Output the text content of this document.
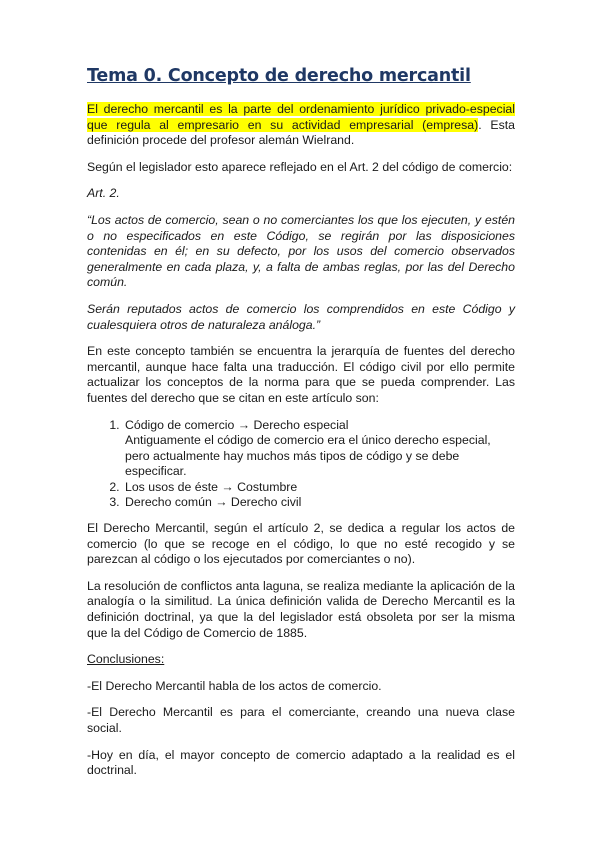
Tema 0. Concepto de derecho mercantil

El derecho mercantil es la parte del ordenamiento jurídico privado-especial que regula al empresario en su actividad empresarial (empresa). Esta definición procede del profesor alemán Wielrand.

Según el legislador esto aparece reflejado en el Art. 2 del código de comercio:

Art. 2.

“Los actos de comercio, sean o no comerciantes los que los ejecuten, y estén o no especificados en este Código, se regirán por las disposiciones contenidas en él; en su defecto, por los usos del comercio observados generalmente en cada plaza, y, a falta de ambas reglas, por las del Derecho común.

Serán reputados actos de comercio los comprendidos en este Código y cualesquiera otros de naturaleza análoga.”

En este concepto también se encuentra la jerarquía de fuentes del derecho mercantil, aunque hace falta una traducción. El código civil por ello permite actualizar los conceptos de la norma para que se pueda comprender. Las fuentes del derecho que se citan en este artículo son:

1. Código de comercio → Derecho especial
Antiguamente el código de comercio era el único derecho especial, pero actualmente hay muchos más tipos de código y se debe especificar.
2. Los usos de éste → Costumbre
3. Derecho común → Derecho civil

El Derecho Mercantil, según el artículo 2, se dedica a regular los actos de comercio (lo que se recoge en el código, lo que no esté recogido y se parezcan al código o los ejecutados por comerciantes o no).

La resolución de conflictos anta laguna, se realiza mediante la aplicación de la analogía o la similitud. La única definición valida de Derecho Mercantil es la definición doctrinal, ya que la del legislador está obsoleta por ser la misma que la del Código de Comercio de 1885.

Conclusiones:

-El Derecho Mercantil habla de los actos de comercio.

-El Derecho Mercantil es para el comerciante, creando una nueva clase social.

-Hoy en día, el mayor concepto de comercio adaptado a la realidad es el doctrinal.
